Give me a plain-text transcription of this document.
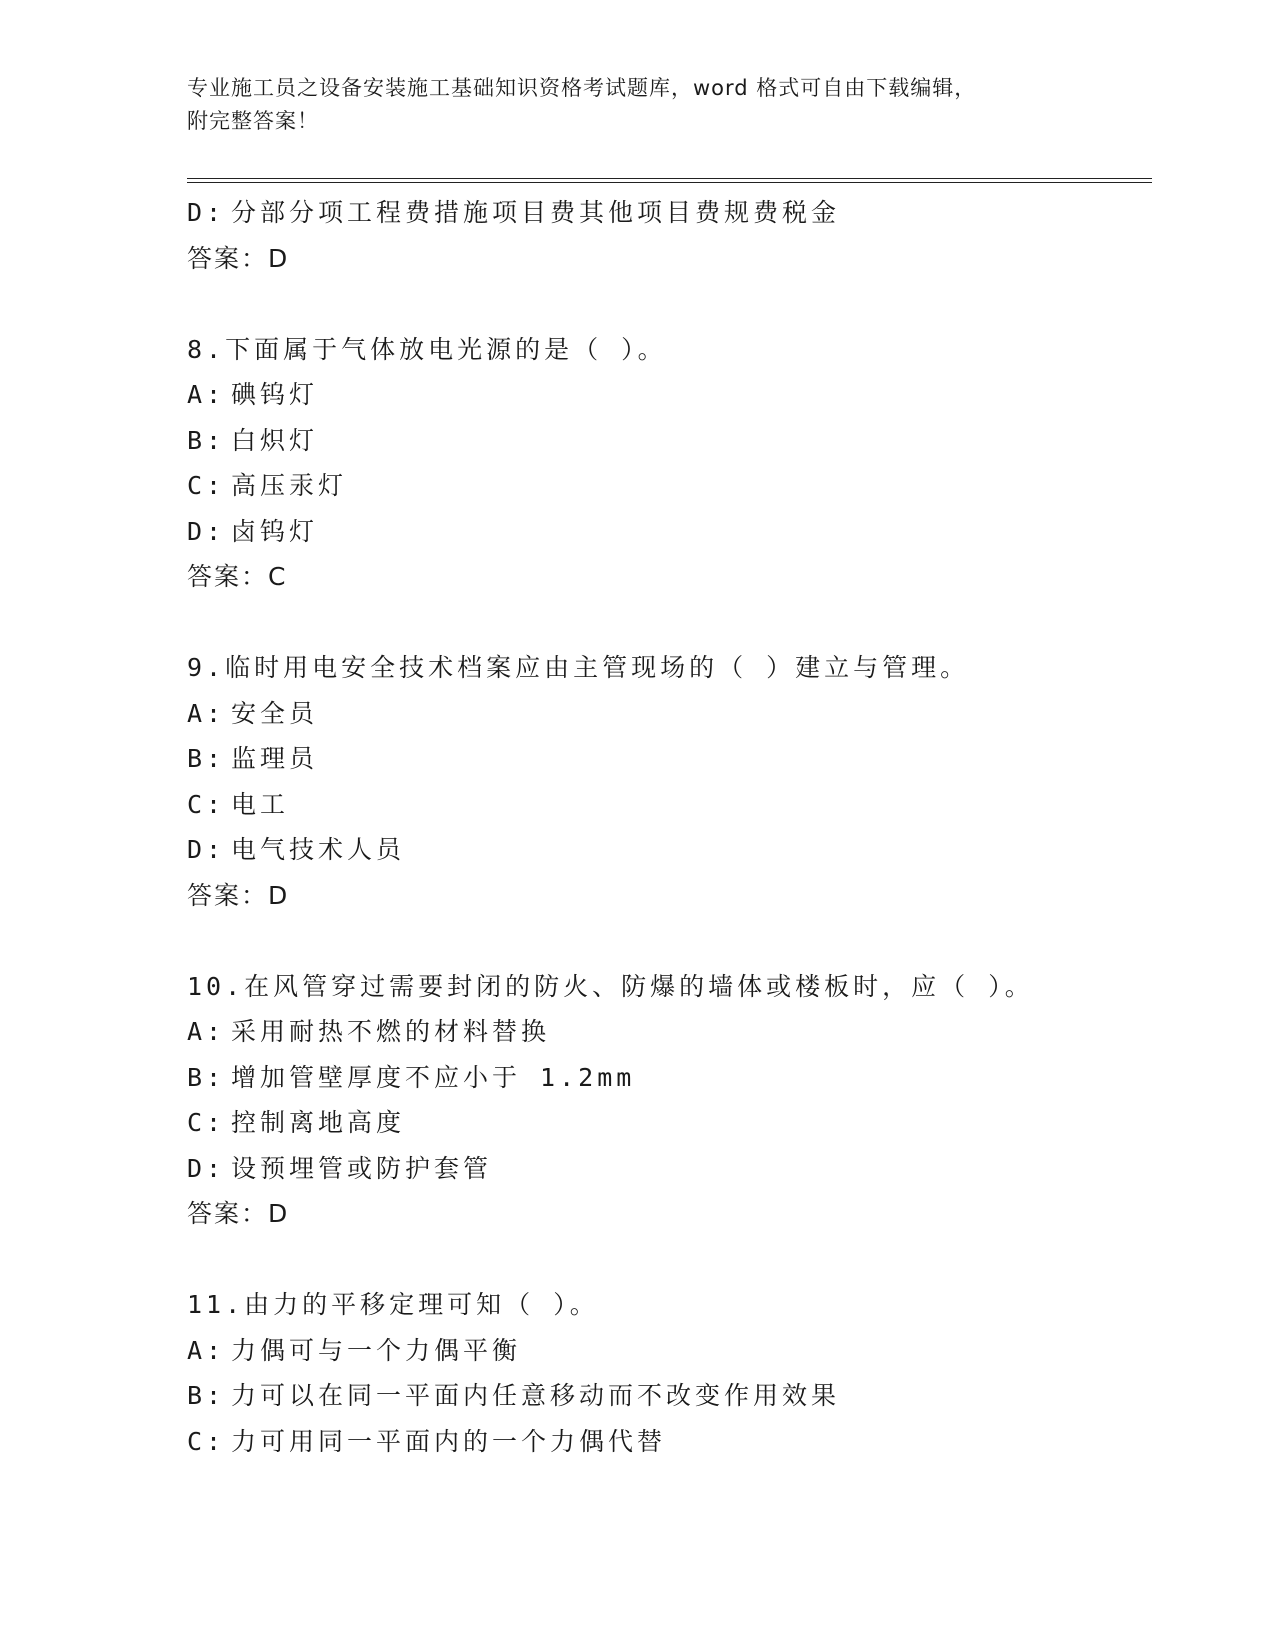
专业施工员之设备安装施工基础知识资格考试题库，word 格式可自由下载编辑，
附完整答案！
D: 分部分项工程费措施项目费其他项目费规费税金
答案：D
8.下面属于气体放电光源的是（ ）。
A: 碘钨灯
B: 白炽灯
C: 高压汞灯
D: 卤钨灯
答案：C
9.临时用电安全技术档案应由主管现场的（ ）建立与管理。
A: 安全员
B: 监理员
C: 电工
D: 电气技术人员
答案：D
10.在风管穿过需要封闭的防火、防爆的墙体或楼板时，应（ ）。
A: 采用耐热不燃的材料替换
B: 增加管壁厚度不应小于 1.2mm
C: 控制离地高度
D: 设预埋管或防护套管
答案：D
11.由力的平移定理可知（ ）。
A: 力偶可与一个力偶平衡
B: 力可以在同一平面内任意移动而不改变作用效果
C: 力可用同一平面内的一个力偶代替
